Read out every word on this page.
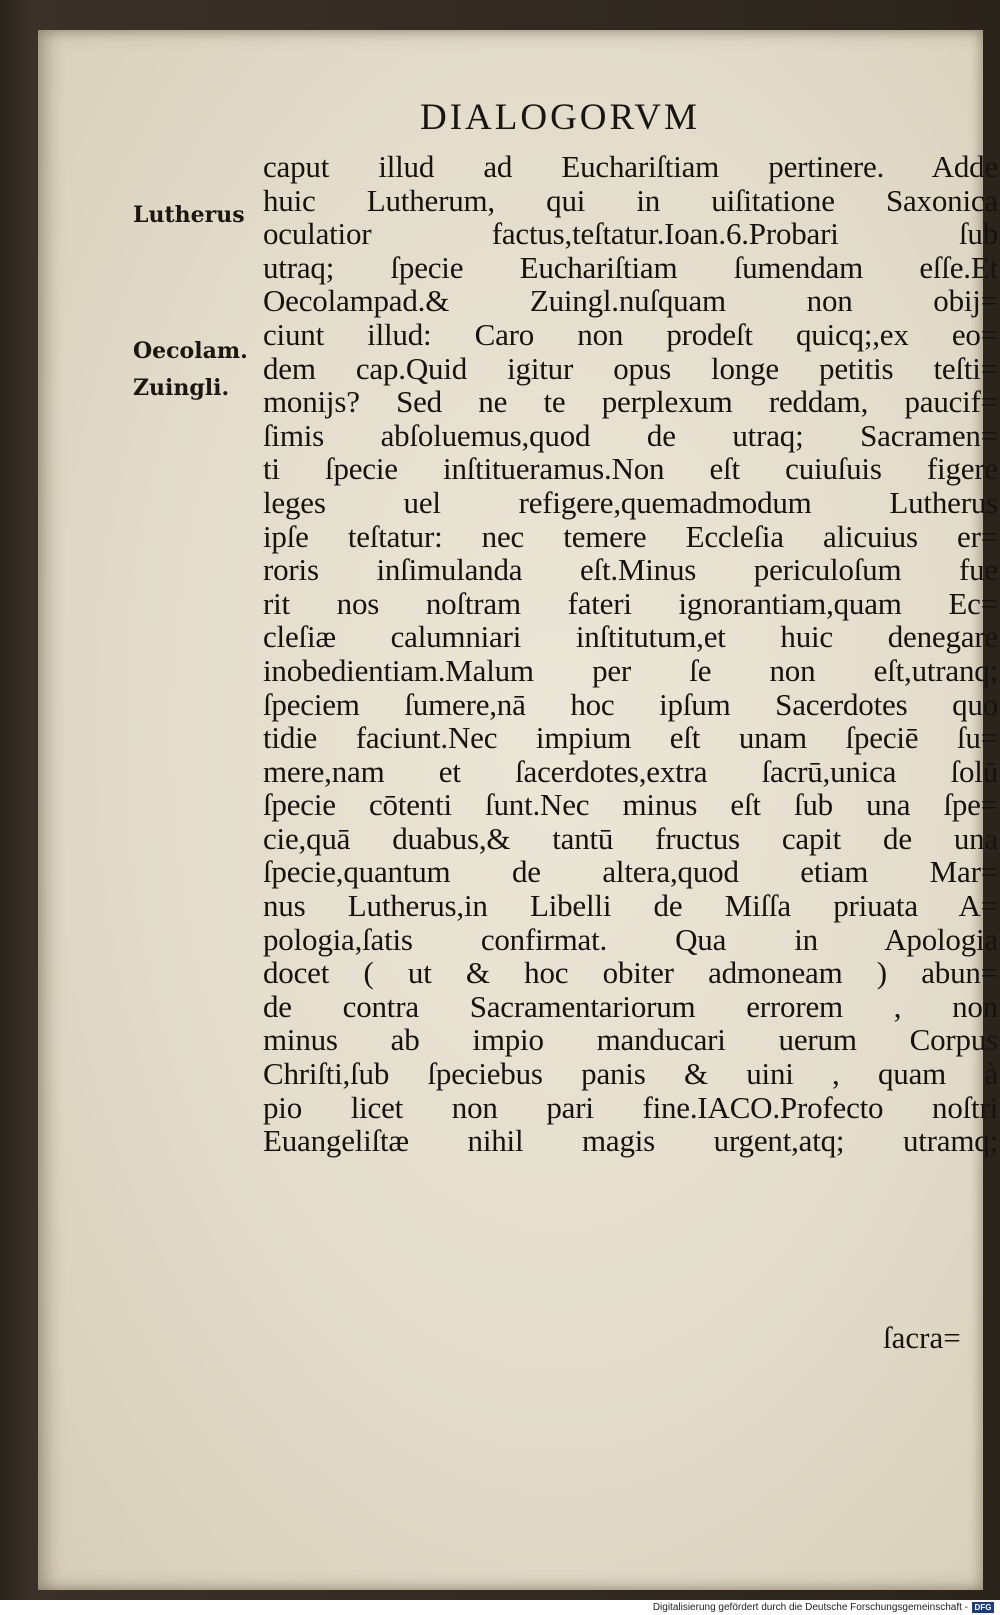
DIALOGORVM
Lutherus
Oecolam.
Zuingli.
caput illud ad Euchariſtiam pertinere. Adde
huic Lutherum, qui in uiſitatione Saxonica
oculatior factus,teſtatur.Ioan.6.Probari ſub
utraq; ſpecie Euchariſtiam ſumendam eſſe.Et
Oecolampad.& Zuingl.nuſquam non obij=
ciunt illud: Caro non prodeſt quicq;,ex eo=
dem cap.Quid igitur opus longe petitis teſti=
monijs? Sed ne te perplexum reddam, paucif=
ſimis abſoluemus,quod de utraq; Sacramen=
ti ſpecie inſtitueramus.Non eſt cuiuſuis figere
leges uel refigere,quemadmodum Lutherus
ipſe teſtatur: nec temere Eccleſia alicuius er=
roris inſimulanda eſt.Minus periculoſum fue
rit nos noſtram fateri ignorantiam,quam Ec=
cleſiæ calumniari inſtitutum,et huic denegare
inobedientiam.Malum per ſe non eſt,utranq;
ſpeciem ſumere,nā hoc ipſum Sacerdotes quo
tidie faciunt.Nec impium eſt unam ſpeciē ſu=
mere,nam et ſacerdotes,extra ſacrū,unica ſolū
ſpecie cōtenti ſunt.Nec minus eſt ſub una ſpe=
cie,quā duabus,& tantū fructus capit de una
ſpecie,quantum de altera,quod etiam Mar=
nus Lutherus,in Libelli de Miſſa priuata A=
pologia,ſatis confirmat. Qua in Apologia
docet ( ut & hoc obiter admoneam ) abun=
de contra Sacramentariorum errorem , non
minus ab impio manducari uerum Corpus
Chriſti,ſub ſpeciebus panis & uini , quam à
pio licet non pari fine.IACO.Profecto noſtri
Euangeliſtæ nihil magis urgent,atq; utramq;
ſacra=
Digitalisierung gefördert durch die Deutsche Forschungsgemeinschaft - DFG
